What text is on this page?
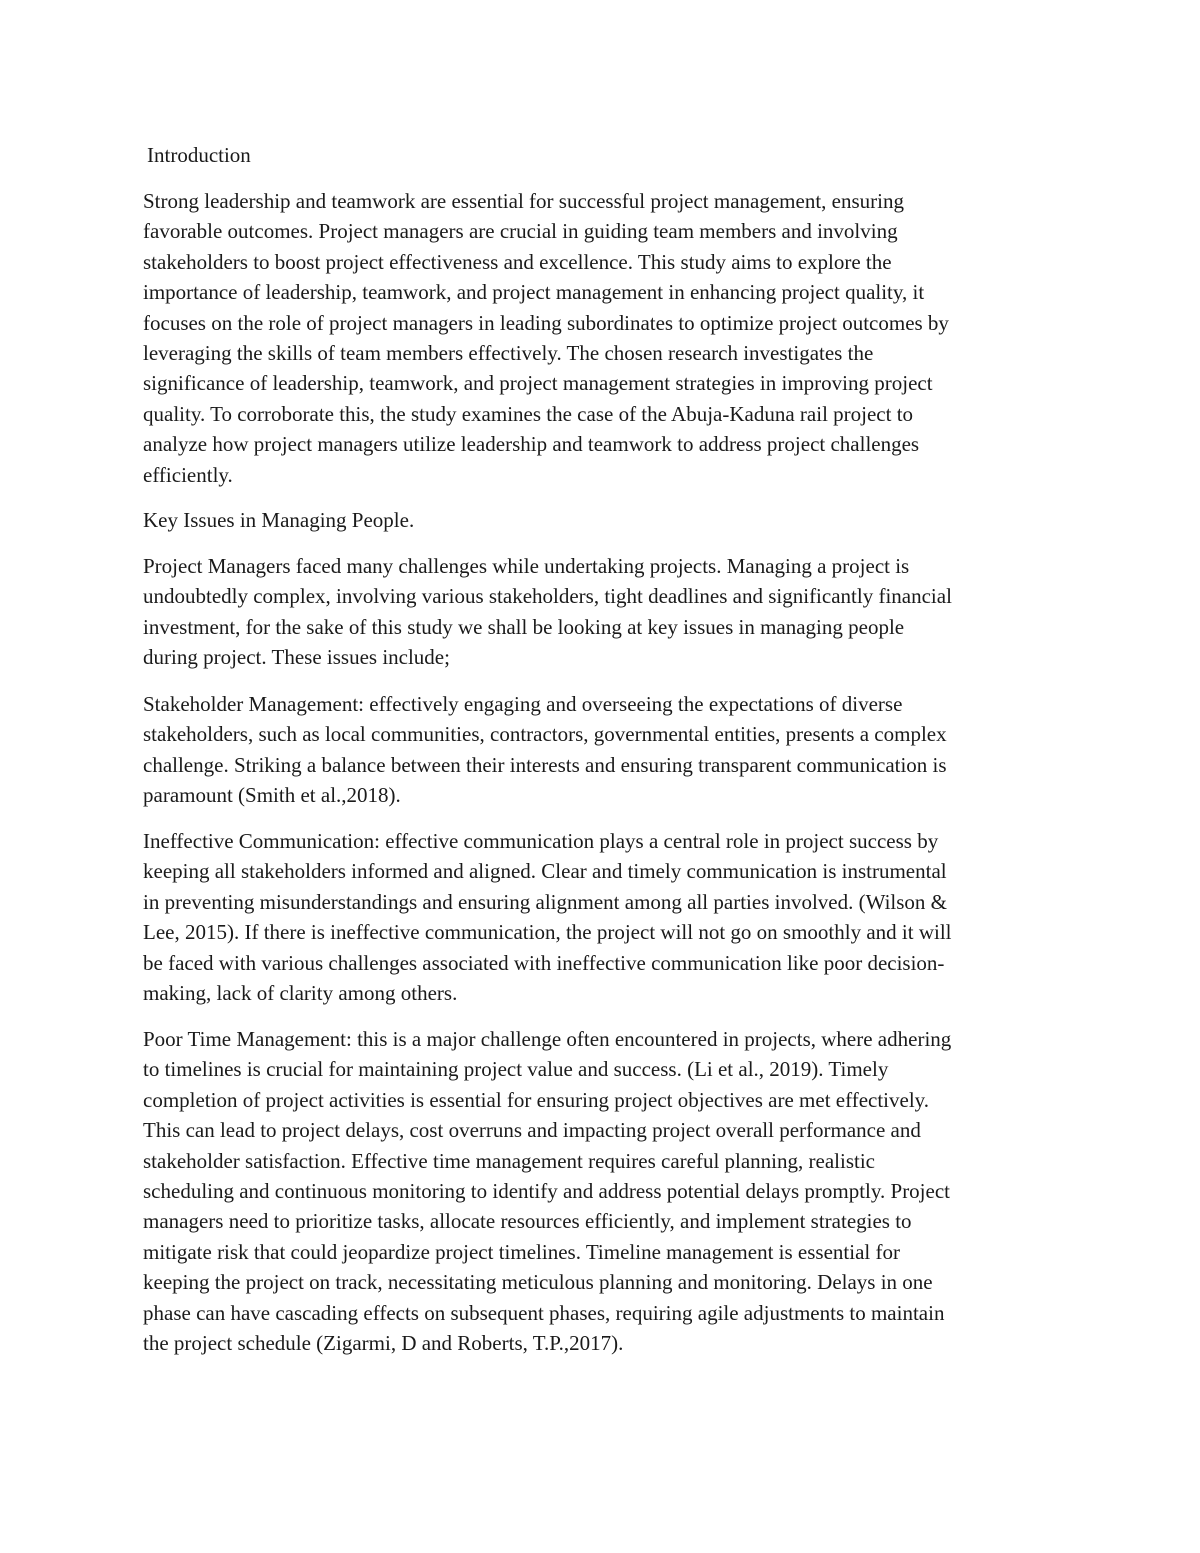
Introduction
Strong leadership and teamwork are essential for successful project management, ensuring
favorable outcomes. Project managers are crucial in guiding team members and involving
stakeholders to boost project effectiveness and excellence. This study aims to explore the
importance of leadership, teamwork, and project management in enhancing project quality, it
focuses on the role of project managers in leading subordinates to optimize project outcomes by
leveraging the skills of team members effectively. The chosen research investigates the
significance of leadership, teamwork, and project management strategies in improving project
quality. To corroborate this, the study examines the case of the Abuja-Kaduna rail project to
analyze how project managers utilize leadership and teamwork to address project challenges
efficiently.
Key Issues in Managing People.
Project Managers faced many challenges while undertaking projects. Managing a project is
undoubtedly complex, involving various stakeholders, tight deadlines and significantly financial
investment, for the sake of this study we shall be looking at key issues in managing people
during project. These issues include;
Stakeholder Management: effectively engaging and overseeing the expectations of diverse
stakeholders, such as local communities, contractors, governmental entities, presents a complex
challenge. Striking a balance between their interests and ensuring transparent communication is
paramount (Smith et al.,2018).
Ineffective Communication: effective communication plays a central role in project success by
keeping all stakeholders informed and aligned. Clear and timely communication is instrumental
in preventing misunderstandings and ensuring alignment among all parties involved. (Wilson &
Lee, 2015). If there is ineffective communication, the project will not go on smoothly and it will
be faced with various challenges associated with ineffective communication like poor decision-
making, lack of clarity among others.
Poor Time Management: this is a major challenge often encountered in projects, where adhering
to timelines is crucial for maintaining project value and success. (Li et al., 2019). Timely
completion of project activities is essential for ensuring project objectives are met effectively.
This can lead to project delays, cost overruns and impacting project overall performance and
stakeholder satisfaction. Effective time management requires careful planning, realistic
scheduling and continuous monitoring to identify and address potential delays promptly. Project
managers need to prioritize tasks, allocate resources efficiently, and implement strategies to
mitigate risk that could jeopardize project timelines. Timeline management is essential for
keeping the project on track, necessitating meticulous planning and monitoring. Delays in one
phase can have cascading effects on subsequent phases, requiring agile adjustments to maintain
the project schedule (Zigarmi, D and Roberts, T.P.,2017).
